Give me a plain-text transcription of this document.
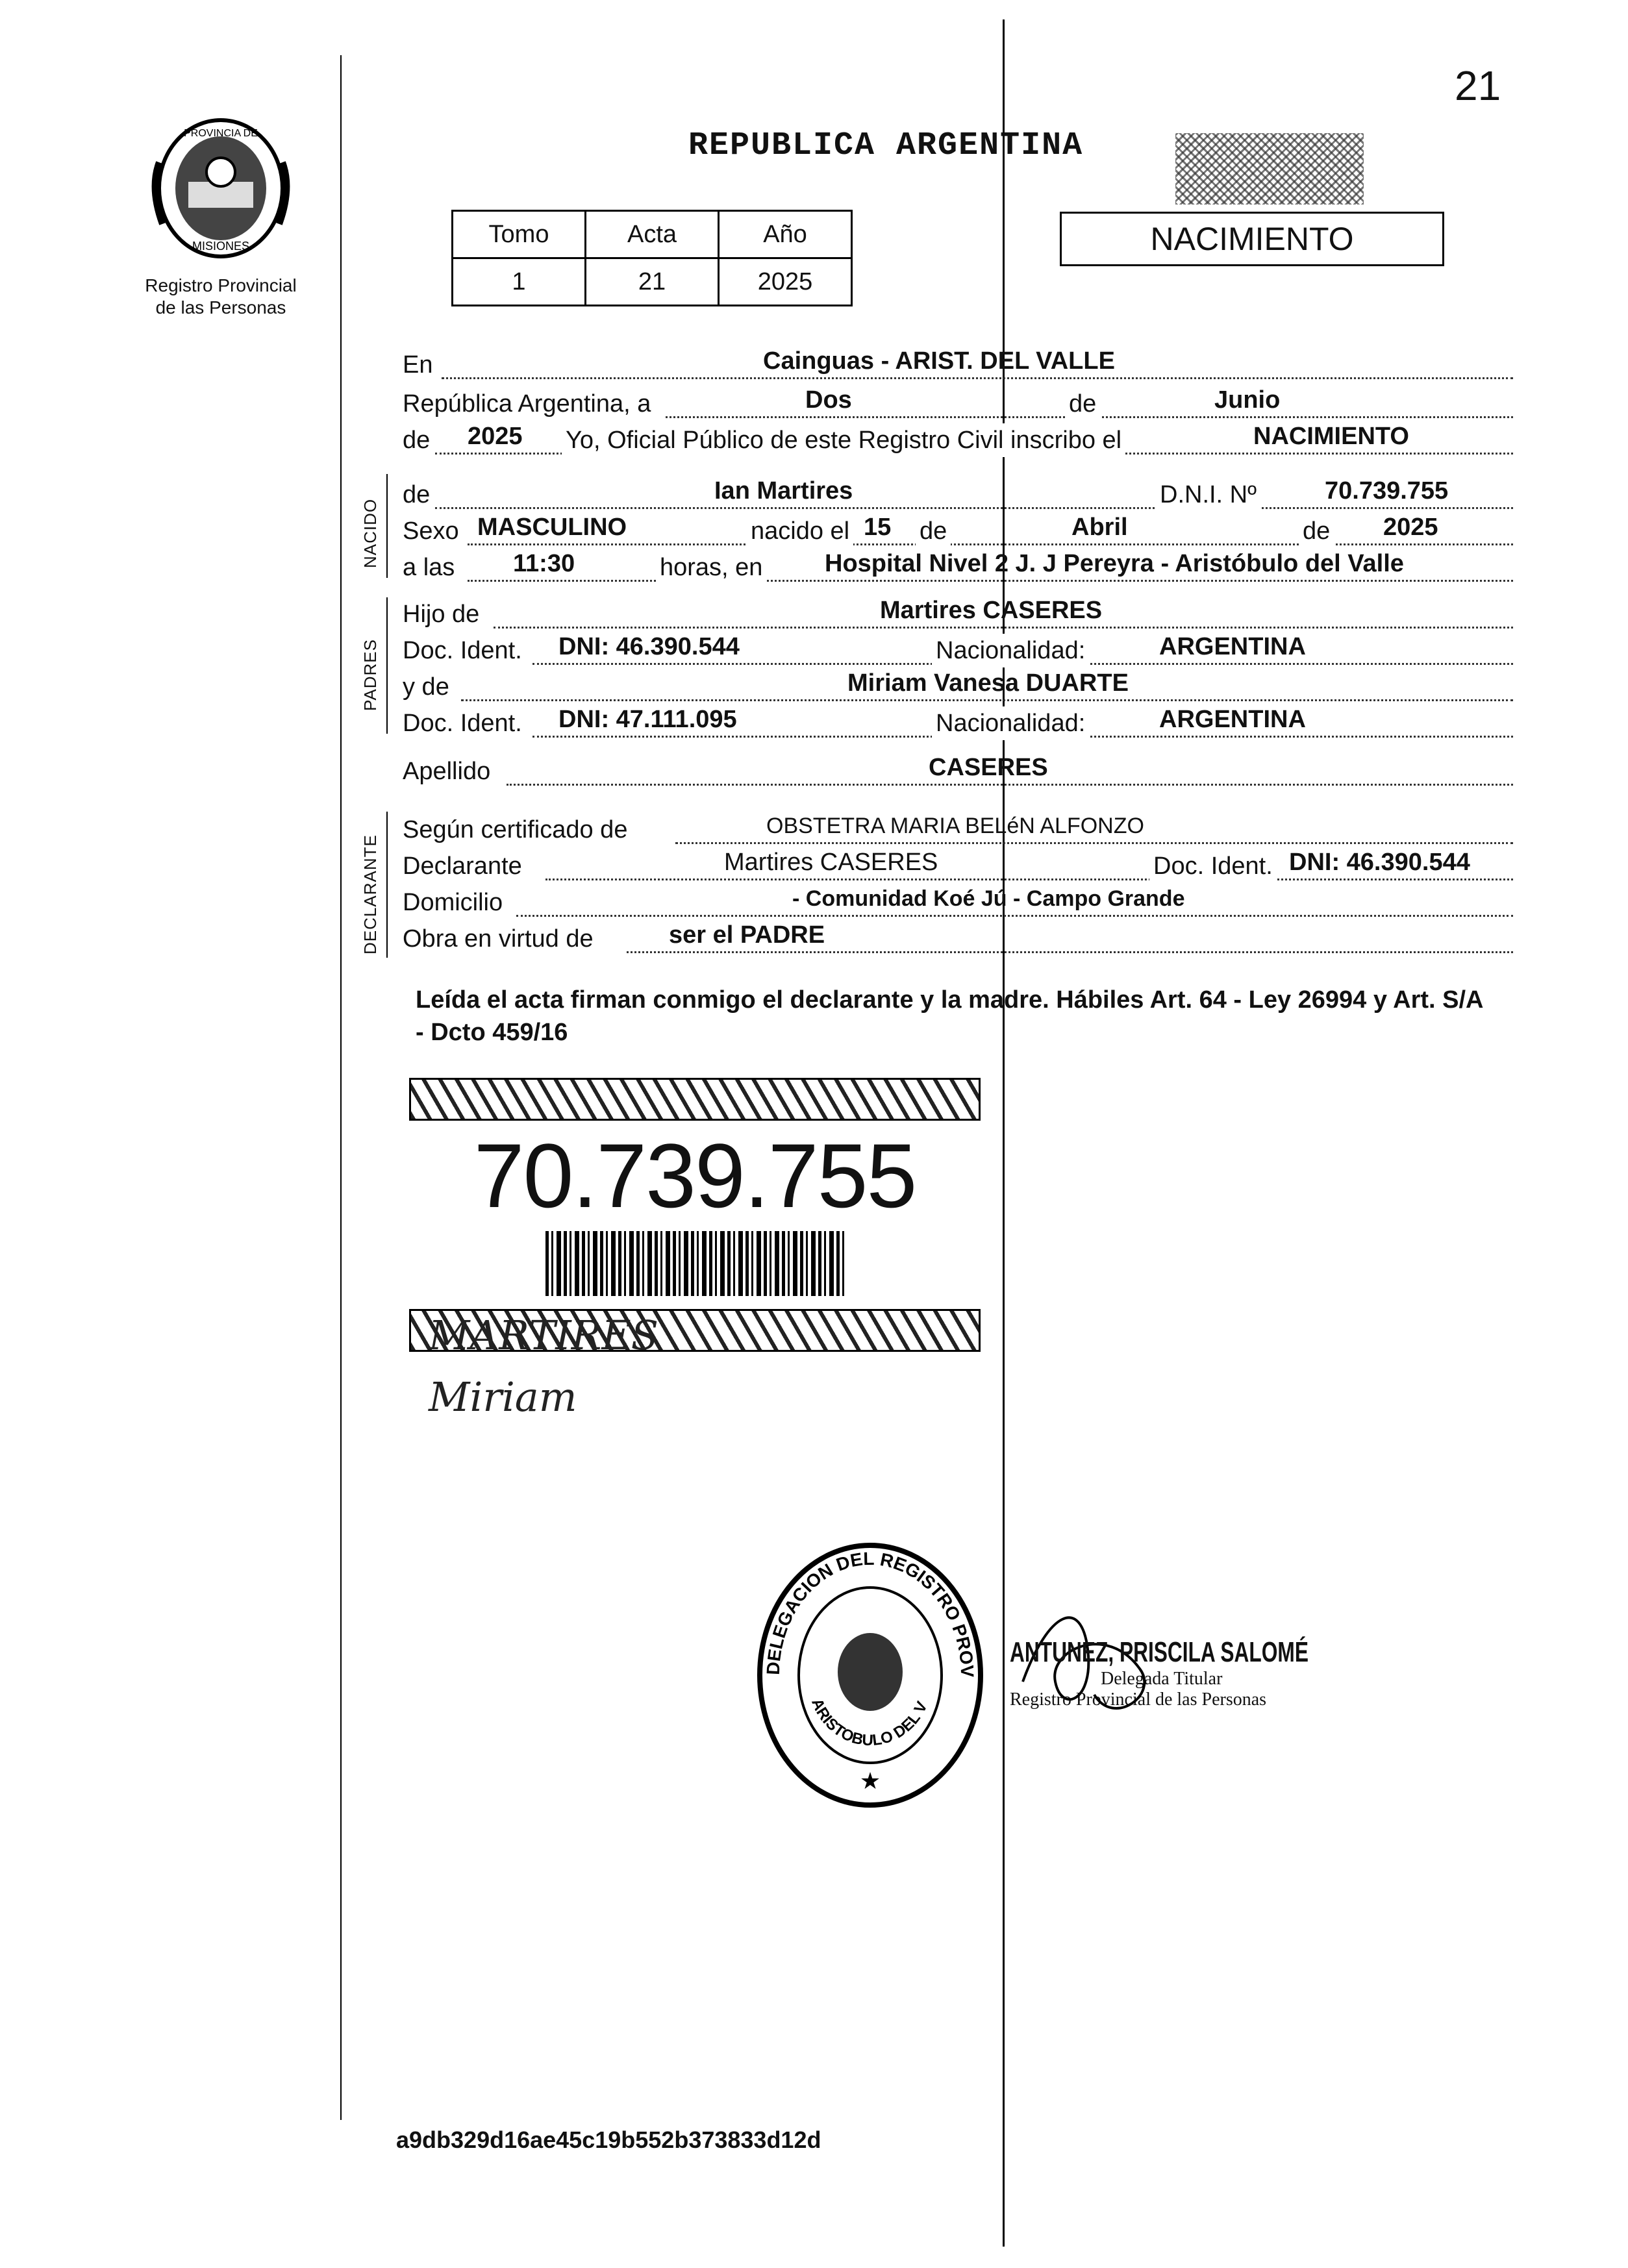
21
PROVINCIA DE
MISIONES
Registro Provincial
de las Personas
REPUBLICA ARGENTINA
Tomo	Acta	Año
1	21	2025
NACIMIENTO
En	Cainguas - ARIST. DEL VALLE
República Argentina, a	Dos	de	Junio
de 2025 Yo, Oficial Público de este Registro Civil inscribo el	NACIMIENTO
NACIDO
de	Ian Martires	D.N.I. Nº	70.739.755
Sexo MASCULINO	nacido el 15 de	Abril	de 2025
a las 11:30	horas, en	Hospital Nivel 2 J. J Pereyra - Aristóbulo del Valle
PADRES
Hijo de	Martires CASERES
Doc. Ident. DNI: 46.390.544	Nacionalidad:	ARGENTINA
y de	Miriam Vanesa DUARTE
Doc. Ident. DNI: 47.111.095	Nacionalidad:	ARGENTINA
Apellido	CASERES
DECLARANTE
Según certificado de	OBSTETRA MARIA BELéN ALFONZO
Declarante	Martires CASERES	Doc. Ident. DNI: 46.390.544
Domicilio	- Comunidad Koé Jú - Campo Grande
Obra en virtud de	ser el PADRE
Leída el acta firman conmigo el declarante y la madre. Hábiles Art. 64 - Ley 26994 y Art. S/A - Dcto 459/16
70.739.755
MARTIRES
Miriam
DELEGACION DEL REGISTRO PROV
ARISTOBULO DEL V
★
ANTUNEZ, PRISCILA SALOMÉ
Delegada Titular
Registro Provincial de las Personas
a9db329d16ae45c19b552b373833d12d
